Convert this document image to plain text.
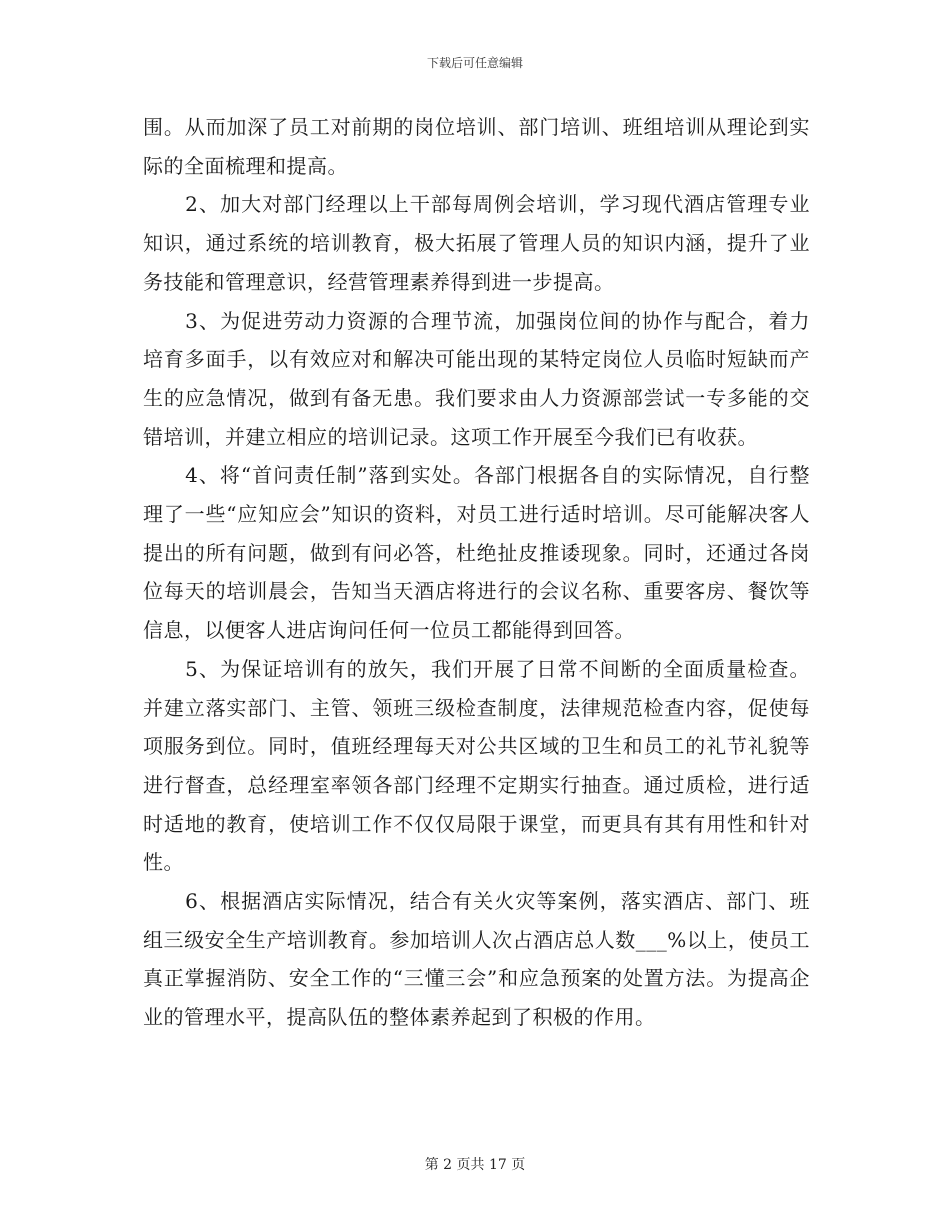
下载后可任意编辑

围。从而加深了员工对前期的岗位培训、部门培训、班组培训从理论到实际的全面梳理和提高。

　　2、加大对部门经理以上干部每周例会培训，学习现代酒店管理专业知识，通过系统的培训教育，极大拓展了管理人员的知识内涵，提升了业务技能和管理意识，经营管理素养得到进一步提高。

　　3、为促进劳动力资源的合理节流，加强岗位间的协作与配合，着力培育多面手，以有效应对和解决可能出现的某特定岗位人员临时短缺而产生的应急情况，做到有备无患。我们要求由人力资源部尝试一专多能的交错培训，并建立相应的培训记录。这项工作开展至今我们已有收获。

　　4、将“首问责任制”落到实处。各部门根据各自的实际情况，自行整理了一些“应知应会”知识的资料，对员工进行适时培训。尽可能解决客人提出的所有问题，做到有问必答，杜绝扯皮推诿现象。同时，还通过各岗位每天的培训晨会，告知当天酒店将进行的会议名称、重要客房、餐饮等信息，以便客人进店询问任何一位员工都能得到回答。

　　5、为保证培训有的放矢，我们开展了日常不间断的全面质量检查。并建立落实部门、主管、领班三级检查制度，法律规范检查内容，促使每项服务到位。同时，值班经理每天对公共区域的卫生和员工的礼节礼貌等进行督查，总经理室率领各部门经理不定期实行抽查。通过质检，进行适时适地的教育，使培训工作不仅仅局限于课堂，而更具有其有用性和针对性。

　　6、根据酒店实际情况，结合有关火灾等案例，落实酒店、部门、班组三级安全生产培训教育。参加培训人次占酒店总人数___%以上，使员工真正掌握消防、安全工作的“三懂三会”和应急预案的处置方法。为提高企业的管理水平，提高队伍的整体素养起到了积极的作用。

第 2 页共 17 页
